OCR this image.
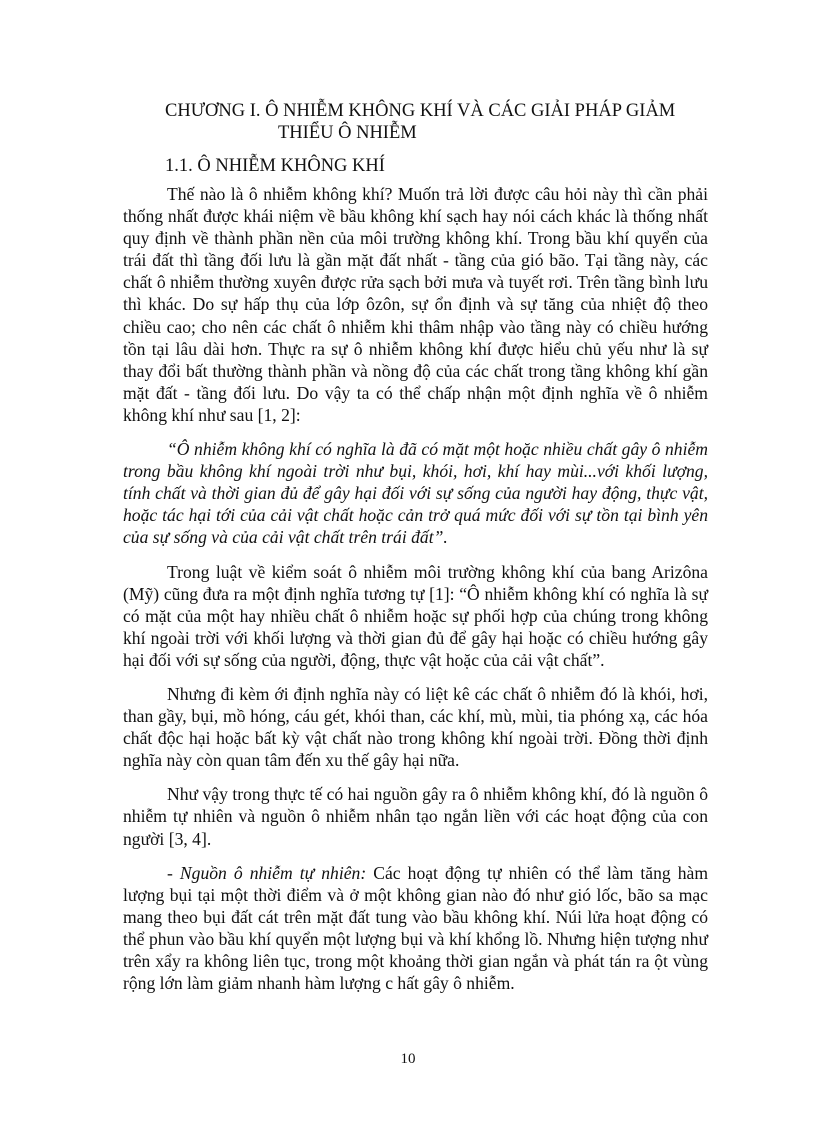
CHƯƠNG I. Ô NHIỄM KHÔNG KHÍ VÀ CÁC GIẢI PHÁP GIẢM
THIỂU Ô NHIỄM
1.1. Ô NHIỄM KHÔNG KHÍ

Thế nào là ô nhiễm không khí? Muốn trả lời được câu hỏi này thì cần phải thống nhất được khái niệm về bầu không khí sạch hay nói cách khác là thống nhất quy định về thành phần nền của môi trường không khí. Trong bầu khí quyển của trái đất thì tầng đối lưu là gần mặt đất nhất - tầng của gió bão. Tại tầng này, các chất ô nhiễm thường xuyên được rửa sạch bởi mưa và tuyết rơi. Trên tầng bình lưu thì khác. Do sự hấp thụ của lớp ôzôn, sự ổn định và sự tăng của nhiệt độ theo chiều cao; cho nên các chất ô nhiễm khi thâm nhập vào tầng này có chiều hướng tồn tại lâu dài hơn. Thực ra sự ô nhiễm không khí được hiểu chủ yếu như là sự thay đổi bất thường thành phần và nồng độ của các chất trong tầng không khí gần mặt đất - tầng đối lưu. Do vậy ta có thể chấp nhận một định nghĩa về ô nhiễm không khí như sau [1, 2]:

“Ô nhiễm không khí có nghĩa là đã có mặt một hoặc nhiều chất gây ô nhiễm trong bầu không khí ngoài trời như bụi, khói, hơi, khí hay mùi...với khối lượng, tính chất và thời gian đủ để gây hại đối với sự sống của người hay động, thực vật, hoặc tác hại tới của cải vật chất hoặc cản trở quá mức đối với sự tồn tại bình yên của sự sống và của cải vật chất trên trái đất”.

Trong luật về kiểm soát ô nhiễm môi trường không khí của bang Arizôna (Mỹ) cũng đưa ra một định nghĩa tương tự [1]: “Ô nhiễm không khí có nghĩa là sự có mặt của một hay nhiều chất ô nhiễm hoặc sự phối hợp của chúng trong không khí ngoài trời với khối lượng và thời gian đủ để gây hại hoặc có chiều hướng gây hại đối với sự sống của người, động, thực vật hoặc của cải vật chất”.

Nhưng đi kèm ới định nghĩa này có liệt kê các chất ô nhiễm đó là khói, hơi, than gầy, bụi, mồ hóng, cáu gét, khói than, các khí, mù, mùi, tia phóng xạ, các hóa chất độc hại hoặc bất kỳ vật chất nào trong không khí ngoài trời. Đồng thời định nghĩa này còn quan tâm đến xu thế gây hại nữa.

Như vậy trong thực tế có hai nguồn gây ra ô nhiễm không khí, đó là nguồn ô nhiễm tự nhiên và nguồn ô nhiễm nhân tạo ngắn liền với các hoạt động của con người [3, 4].

- Nguồn ô nhiễm tự nhiên: Các hoạt động tự nhiên có thể làm tăng hàm lượng bụi tại một thời điểm và ở một không gian nào đó như gió lốc, bão sa mạc mang theo bụi đất cát trên mặt đất tung vào bầu không khí. Núi lửa hoạt động có thể phun vào bầu khí quyển một lượng bụi và khí khổng lồ. Nhưng hiện tượng như trên xẩy ra không liên tục, trong một khoảng thời gian ngắn và phát tán ra ột vùng rộng lớn làm giảm nhanh hàm lượng c hất gây ô nhiễm.

10
